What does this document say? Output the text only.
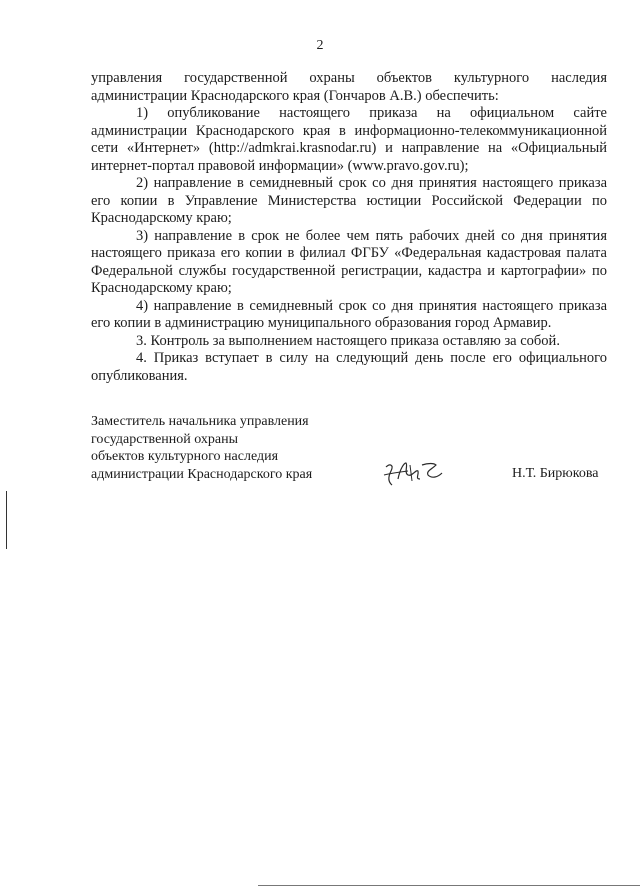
2

управления государственной охраны объектов культурного наследия администрации Краснодарского края (Гончаров А.В.) обеспечить:

1) опубликование настоящего приказа на официальном сайте администрации Краснодарского края в информационно-телекоммуникационной сети «Интернет» (http://admkrai.krasnodar.ru) и направление на «Официальный интернет-портал правовой информации» (www.pravo.gov.ru);

2) направление в семидневный срок со дня принятия настоящего приказа его копии в Управление Министерства юстиции Российской Федерации по Краснодарскому краю;

3) направление в срок не более чем пять рабочих дней со дня принятия настоящего приказа его копии в филиал ФГБУ «Федеральная кадастровая палата Федеральной службы государственной регистрации, кадастра и картографии» по Краснодарскому краю;

4) направление в семидневный срок со дня принятия настоящего приказа его копии в администрацию муниципального образования город Армавир.

3. Контроль за выполнением настоящего приказа оставляю за собой.

4. Приказ вступает в силу на следующий день после его официального опубликования.

Заместитель начальника управления
государственной охраны
объектов культурного наследия
администрации Краснодарского края	Н.Т. Бирюкова
